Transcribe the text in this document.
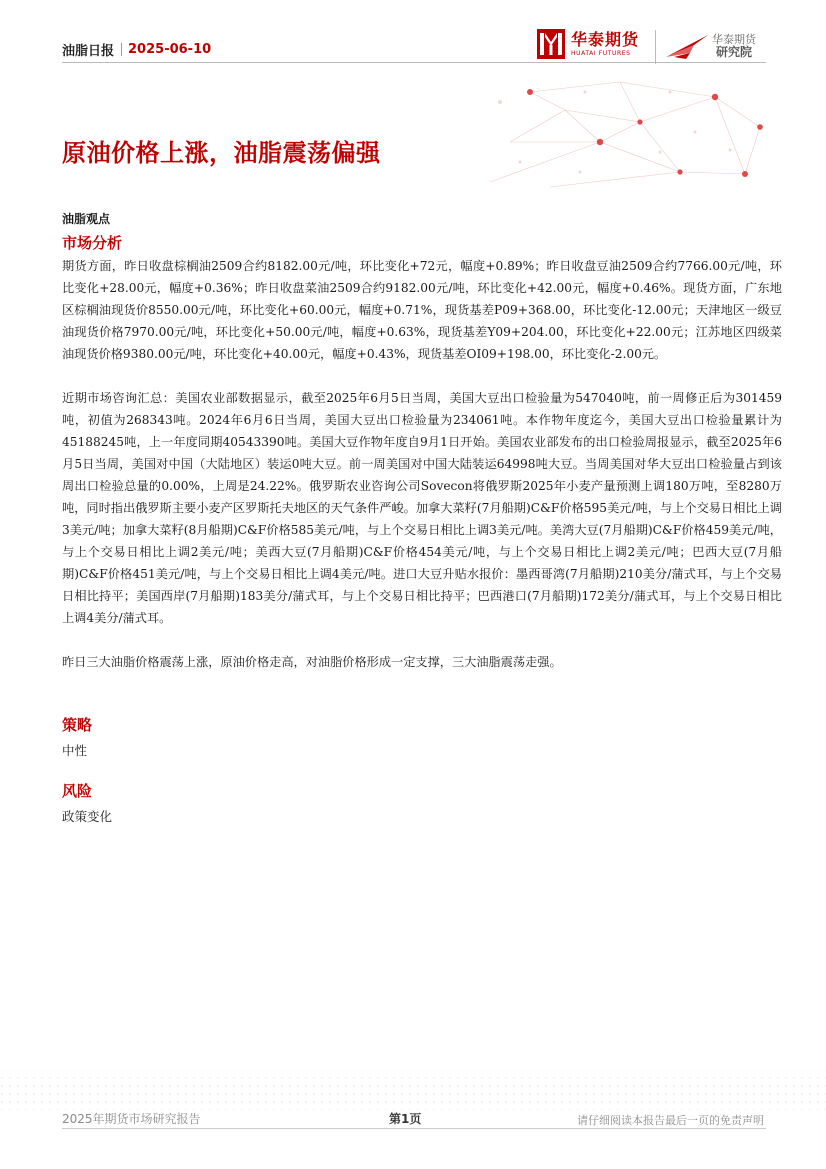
油脂日报 2025-06-10
华泰期货
HUATAI FUTURES
华泰期货
研究院
原油价格上涨，油脂震荡偏强
油脂观点
市场分析

期货方面，昨日收盘棕榈油2509合约8182.00元/吨，环比变化+72元，幅度+0.89%；昨日收盘豆油2509合约7766.00元/吨，环比变化+28.00元，幅度+0.36%；昨日收盘菜油2509合约9182.00元/吨，环比变化+42.00元，幅度+0.46%。现货方面，广东地区棕榈油现货价8550.00元/吨，环比变化+60.00元，幅度+0.71%，现货基差P09+368.00，环比变化-12.00元；天津地区一级豆油现货价格7970.00元/吨，环比变化+50.00元/吨，幅度+0.63%，现货基差Y09+204.00，环比变化+22.00元；江苏地区四级菜油现货价格9380.00元/吨，环比变化+40.00元，幅度+0.43%，现货基差OI09+198.00，环比变化-2.00元。

近期市场咨询汇总：美国农业部数据显示，截至2025年6月5日当周，美国大豆出口检验量为547040吨，前一周修正后为301459吨，初值为268343吨。2024年6月6日当周，美国大豆出口检验量为234061吨。本作物年度迄今，美国大豆出口检验量累计为45188245吨，上一年度同期40543390吨。美国大豆作物年度自9月1日开始。美国农业部发布的出口检验周报显示，截至2025年6月5日当周，美国对中国（大陆地区）装运0吨大豆。前一周美国对中国大陆装运64998吨大豆。当周美国对华大豆出口检验量占到该周出口检验总量的0.00%，上周是24.22%。俄罗斯农业咨询公司Sovecon将俄罗斯2025年小麦产量预测上调180万吨，至8280万吨，同时指出俄罗斯主要小麦产区罗斯托夫地区的天气条件严峻。加拿大菜籽(7月船期)C&F价格595美元/吨，与上个交易日相比上调3美元/吨；加拿大菜籽(8月船期)C&F价格585美元/吨，与上个交易日相比上调3美元/吨。美湾大豆(7月船期)C&F价格459美元/吨，与上个交易日相比上调2美元/吨；美西大豆(7月船期)C&F价格454美元/吨，与上个交易日相比上调2美元/吨；巴西大豆(7月船期)C&F价格451美元/吨，与上个交易日相比上调4美元/吨。进口大豆升贴水报价：墨西哥湾(7月船期)210美分/蒲式耳，与上个交易日相比持平；美国西岸(7月船期)183美分/蒲式耳，与上个交易日相比持平；巴西港口(7月船期)172美分/蒲式耳，与上个交易日相比上调4美分/蒲式耳。

昨日三大油脂价格震荡上涨，原油价格走高，对油脂价格形成一定支撑，三大油脂震荡走强。

策略
中性
风险
政策变化
2025年期货市场研究报告	第1页	请仔细阅读本报告最后一页的免责声明
